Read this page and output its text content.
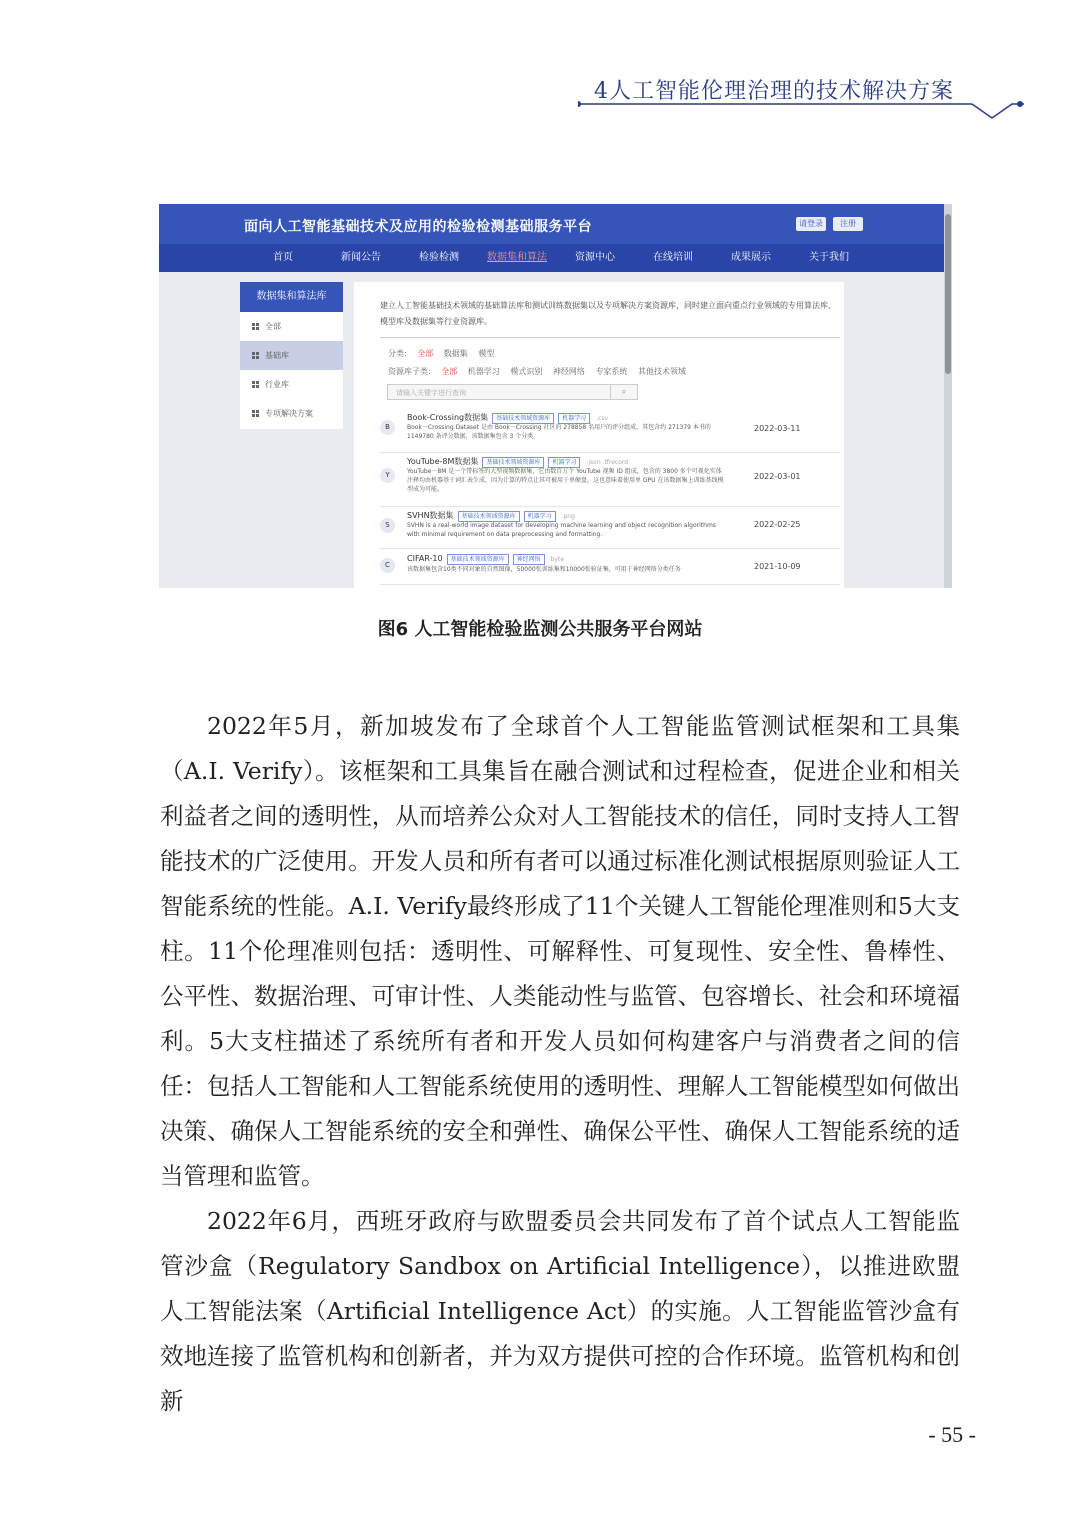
4人工智能伦理治理的技术解决方案
面向人工智能基础技术及应用的检验检测基础服务平台	请登录	注册
首页	新闻公告	检验检测	数据集和算法	资源中心	在线培训	成果展示	关于我们
数据集和算法库
全部
基础库
行业库
专项解决方案
建立人工智能基础技术领域的基础算法库和测试训练数据集以及专项解决方案资源库，同时建立面向重点行业领域的专用算法库、模型库及数据集等行业资源库。
分类: 全部 数据集 模型
资源库子类: 全部 机器学习 模式识别 神经网络 专家系统 其他技术领域
请输入关键字进行查询	⌕
B
Book-Crossing数据集 基础技术领域资源库 机器学习 .csv
Book－Crossing Dataset 是由 Book－Crossing 社区的 278858 名用户的评分组成，其包含约 271379 本书的 1149780 条评分数据，该数据集包含 3 个分类。
2022-03-11
Y
YouTube-8M数据集 基础技术领域资源库 机器学习 .json .tfrecord
YouTube－8M 是一个带标签的大型视频数据集，它由数百万个 YouTube 视频 ID 组成，包含的 3800 多个可视化实体注释均由机器基于词汇表生成，因为计算的特点让其可被用于单硬盘，这也意味着使用单 GPU 在该数据集上训练基线模型成为可能。
2022-03-01
S
SVHN数据集 基础技术领域资源库 机器学习 .png
SVHN is a real-world image dataset for developing machine learning and object recognition algorithms with minimal requirement on data preprocessing and formatting.
2022-02-25
C
CIFAR-10 基础技术领域资源库 神经网络 byte
该数据集包含10类不同对象的自然图像，50000张训练集和10000张验证集，可用于神经网络分类任务	2021-10-09
图6 人工智能检验监测公共服务平台网站

2022年5月，新加坡发布了全球首个人工智能监管测试框架和工具集（A.I. Verify）。该框架和工具集旨在融合测试和过程检查，促进企业和相关利益者之间的透明性，从而培养公众对人工智能技术的信任，同时支持人工智能技术的广泛使用。开发人员和所有者可以通过标准化测试根据原则验证人工智能系统的性能。A.I. Verify最终形成了11个关键人工智能伦理准则和5大支柱。11个伦理准则包括：透明性、可解释性、可复现性、安全性、鲁棒性、公平性、数据治理、可审计性、人类能动性与监管、包容增长、社会和环境福利。5大支柱描述了系统所有者和开发人员如何构建客户与消费者之间的信任：包括人工智能和人工智能系统使用的透明性、理解人工智能模型如何做出决策、确保人工智能系统的安全和弹性、确保公平性、确保人工智能系统的适当管理和监管。

2022年6月，西班牙政府与欧盟委员会共同发布了首个试点人工智能监管沙盒（Regulatory Sandbox on Artificial Intelligence），以推进欧盟人工智能法案（Artificial Intelligence Act）的实施。人工智能监管沙盒有效地连接了监管机构和创新者，并为双方提供可控的合作环境。监管机构和创新

- 55 -
